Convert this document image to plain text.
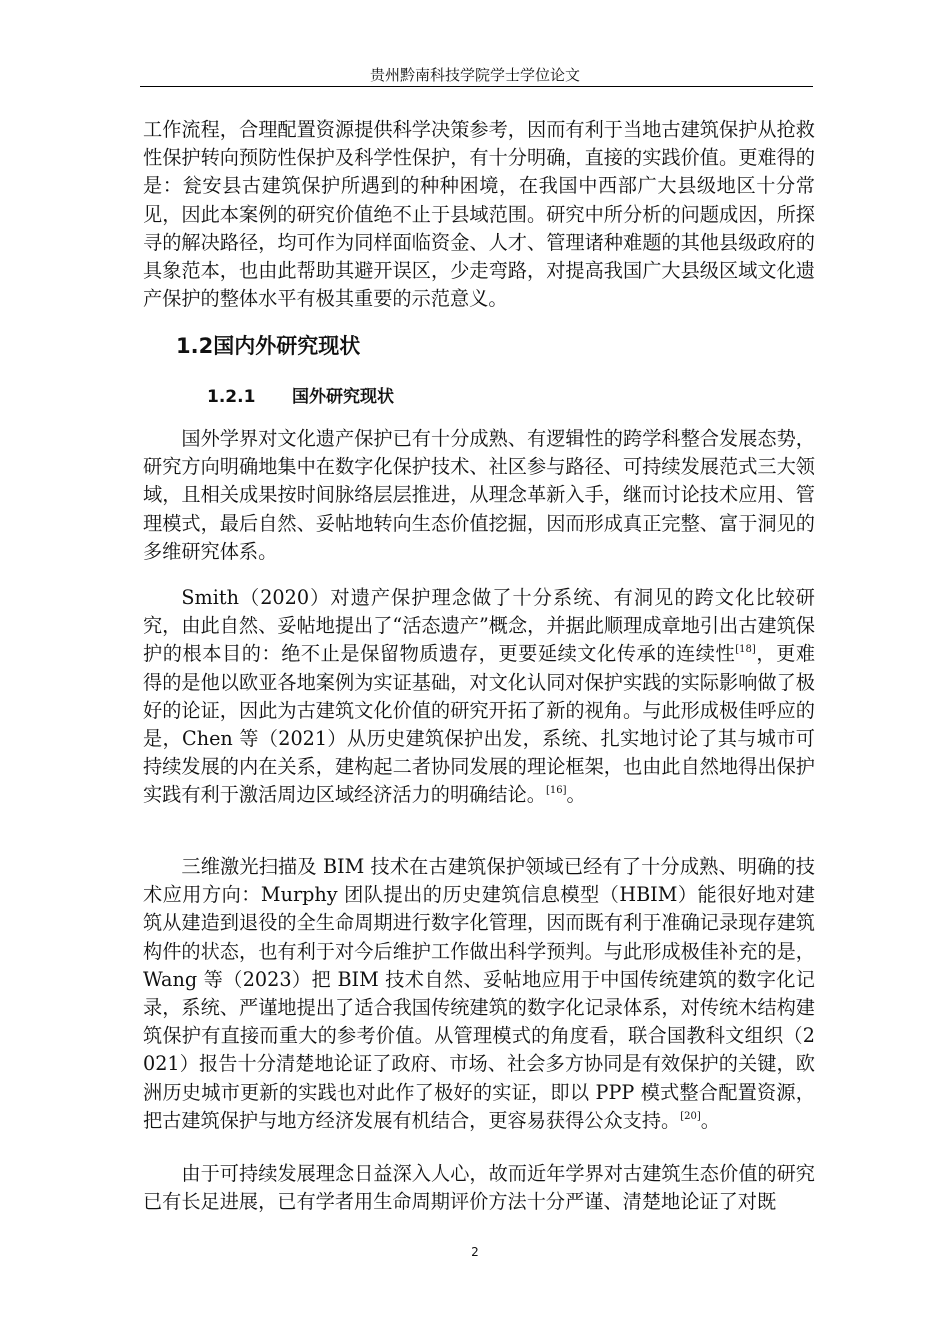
贵州黔南科技学院学士学位论文

工作流程，合理配置资源提供科学决策参考，因而有利于当地古建筑保护从抢救性保护转向预防性保护及科学性保护，有十分明确，直接的实践价值。更难得的是：瓮安县古建筑保护所遇到的种种困境，在我国中西部广大县级地区十分常见，因此本案例的研究价值绝不止于县域范围。研究中所分析的问题成因，所探寻的解决路径，均可作为同样面临资金、人才、管理诸种难题的其他县级政府的具象范本，也由此帮助其避开误区，少走弯路，对提高我国广大县级区域文化遗产保护的整体水平有极其重要的示范意义。

1.2国内外研究现状
1.2.1 国外研究现状

国外学界对文化遗产保护已有十分成熟、有逻辑性的跨学科整合发展态势，研究方向明确地集中在数字化保护技术、社区参与路径、可持续发展范式三大领域，且相关成果按时间脉络层层推进，从理念革新入手，继而讨论技术应用、管理模式，最后自然、妥帖地转向生态价值挖掘，因而形成真正完整、富于洞见的多维研究体系。

Smith（2020）对遗产保护理念做了十分系统、有洞见的跨文化比较研究，由此自然、妥帖地提出了“活态遗产”概念，并据此顺理成章地引出古建筑保护的根本目的：绝不止是保留物质遗存，更要延续文化传承的连续性[18]，更难得的是他以欧亚各地案例为实证基础，对文化认同对保护实践的实际影响做了极好的论证，因此为古建筑文化价值的研究开拓了新的视角。与此形成极佳呼应的是，Chen 等（2021）从历史建筑保护出发，系统、扎实地讨论了其与城市可持续发展的内在关系，建构起二者协同发展的理论框架，也由此自然地得出保护实践有利于激活周边区域经济活力的明确结论。[16]。

三维激光扫描及 BIM 技术在古建筑保护领域已经有了十分成熟、明确的技术应用方向：Murphy 团队提出的历史建筑信息模型（HBIM）能很好地对建筑从建造到退役的全生命周期进行数字化管理，因而既有利于准确记录现存建筑构件的状态，也有利于对今后维护工作做出科学预判。与此形成极佳补充的是，Wang 等（2023）把 BIM 技术自然、妥帖地应用于中国传统建筑的数字化记录，系统、严谨地提出了适合我国传统建筑的数字化记录体系，对传统木结构建筑保护有直接而重大的参考价值。从管理模式的角度看，联合国教科文组织（2021）报告十分清楚地论证了政府、市场、社会多方协同是有效保护的关键，欧洲历史城市更新的实践也对此作了极好的实证，即以 PPP 模式整合配置资源，把古建筑保护与地方经济发展有机结合，更容易获得公众支持。[20]。

由于可持续发展理念日益深入人心，故而近年学界对古建筑生态价值的研究已有长足进展，已有学者用生命周期评价方法十分严谨、清楚地论证了对既

2
